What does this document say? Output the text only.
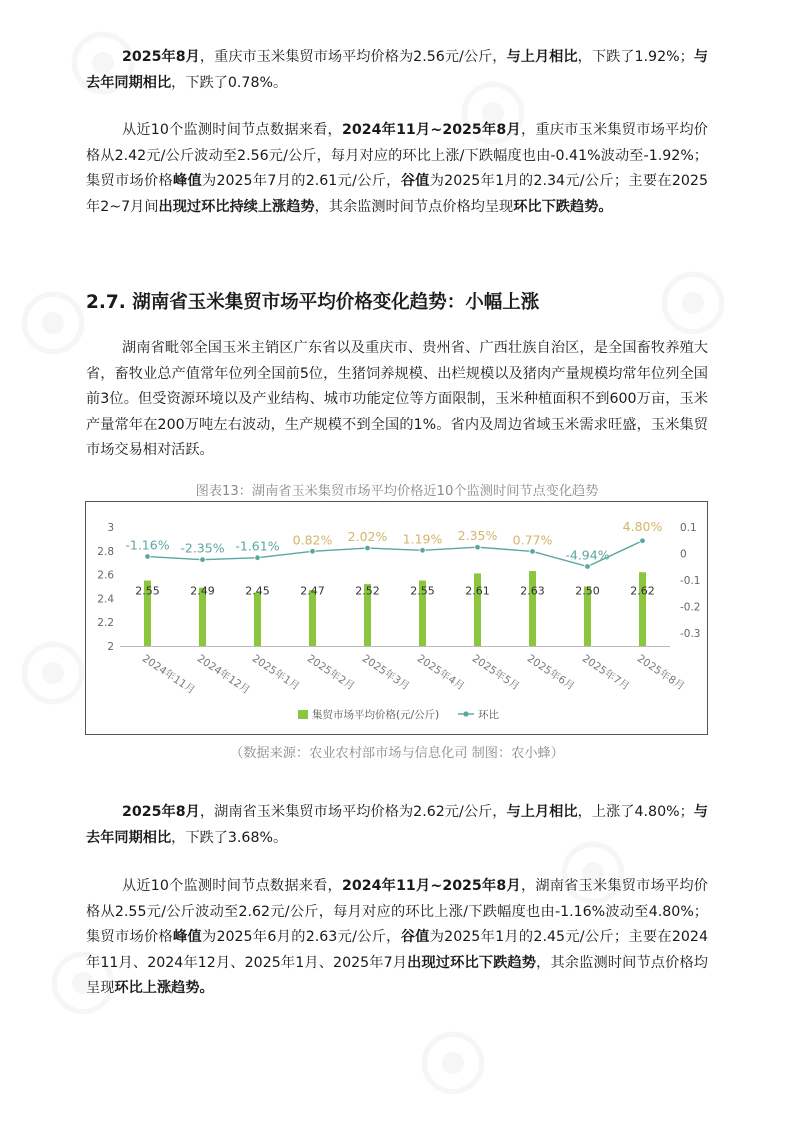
2025年8月，重庆市玉米集贸市场平均价格为2.56元/公斤，与上月相比，下跌了1.92%；与去年同期相比，下跌了0.78%。

从近10个监测时间节点数据来看，2024年11月~2025年8月，重庆市玉米集贸市场平均价格从2.42元/公斤波动至2.56元/公斤，每月对应的环比上涨/下跌幅度也由-0.41%波动至-1.92%；集贸市场价格峰值为2025年7月的2.61元/公斤，谷值为2025年1月的2.34元/公斤；主要在2025年2~7月间出现过环比持续上涨趋势，其余监测时间节点价格均呈现环比下跌趋势。

2.7. 湖南省玉米集贸市场平均价格变化趋势：小幅上涨

湖南省毗邻全国玉米主销区广东省以及重庆市、贵州省、广西壮族自治区，是全国畜牧养殖大省，畜牧业总产值常年位列全国前5位，生猪饲养规模、出栏规模以及猪肉产量规模均常年位列全国前3位。但受资源环境以及产业结构、城市功能定位等方面限制，玉米种植面积不到600万亩，玉米产量常年在200万吨左右波动，生产规模不到全国的1%。省内及周边省域玉米需求旺盛，玉米集贸市场交易相对活跃。

图表13：湖南省玉米集贸市场平均价格近10个监测时间节点变化趋势

2
2.2
2.4
2.6
2.8
3	0.1
0
-0.1
-0.2
-0.3
2.55	2.49	2.45	2.47	2.52	2.55	2.61	2.63	2.50	2.62
-1.16% -2.35% -1.61% 0.82% 2.02% 1.19% 2.35% 0.77%
-4.94%
4.80%
2024年11月
2024年12月
2025年1月 2025年2月 2025年3月 2025年4月 2025年5月 2025年6月 2025年7月 2025年8月
集贸市场平均价格(元/公斤)	环比

（数据来源：农业农村部市场与信息化司 制图：农小蜂）

2025年8月，湖南省玉米集贸市场平均价格为2.62元/公斤，与上月相比，上涨了4.80%；与去年同期相比，下跌了3.68%。

从近10个监测时间节点数据来看，2024年11月~2025年8月，湖南省玉米集贸市场平均价格从2.55元/公斤波动至2.62元/公斤，每月对应的环比上涨/下跌幅度也由-1.16%波动至4.80%；集贸市场价格峰值为2025年6月的2.63元/公斤，谷值为2025年1月的2.45元/公斤；主要在2024年11月、2024年12月、2025年1月、2025年7月出现过环比下跌趋势，其余监测时间节点价格均呈现环比上涨趋势。
